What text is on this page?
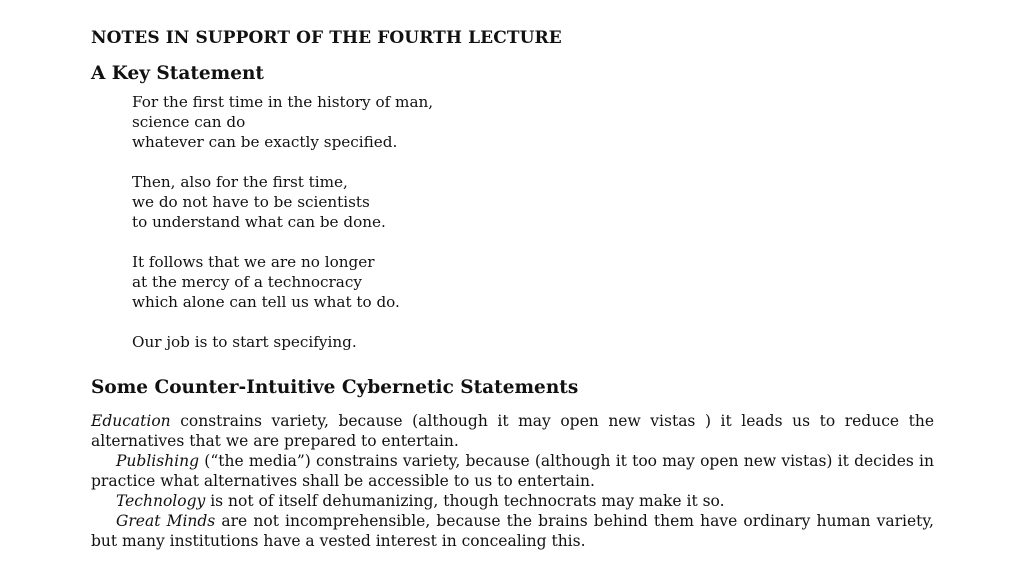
NOTES IN SUPPORT OF THE FOURTH LECTURE
A Key Statement
For the first time in the history of man,
science can do
whatever can be exactly specified.
Then, also for the first time,
we do not have to be scientists
to understand what can be done.
It follows that we are no longer
at the mercy of a technocracy
which alone can tell us what to do.
Our job is to start specifying.
Some Counter-Intuitive Cybernetic Statements

Education constrains variety, because (although it may open new vistas ) it leads us to reduce the alternatives that we are prepared to entertain.

Publishing (“the media”) constrains variety, because (although it too may open new vistas) it decides in practice what alternatives shall be accessible to us to entertain.

Technology is not of itself dehumanizing, though technocrats may make it so.

Great Minds are not incomprehensible, because the brains behind them have ordinary human variety, but many institutions have a vested interest in concealing this.
